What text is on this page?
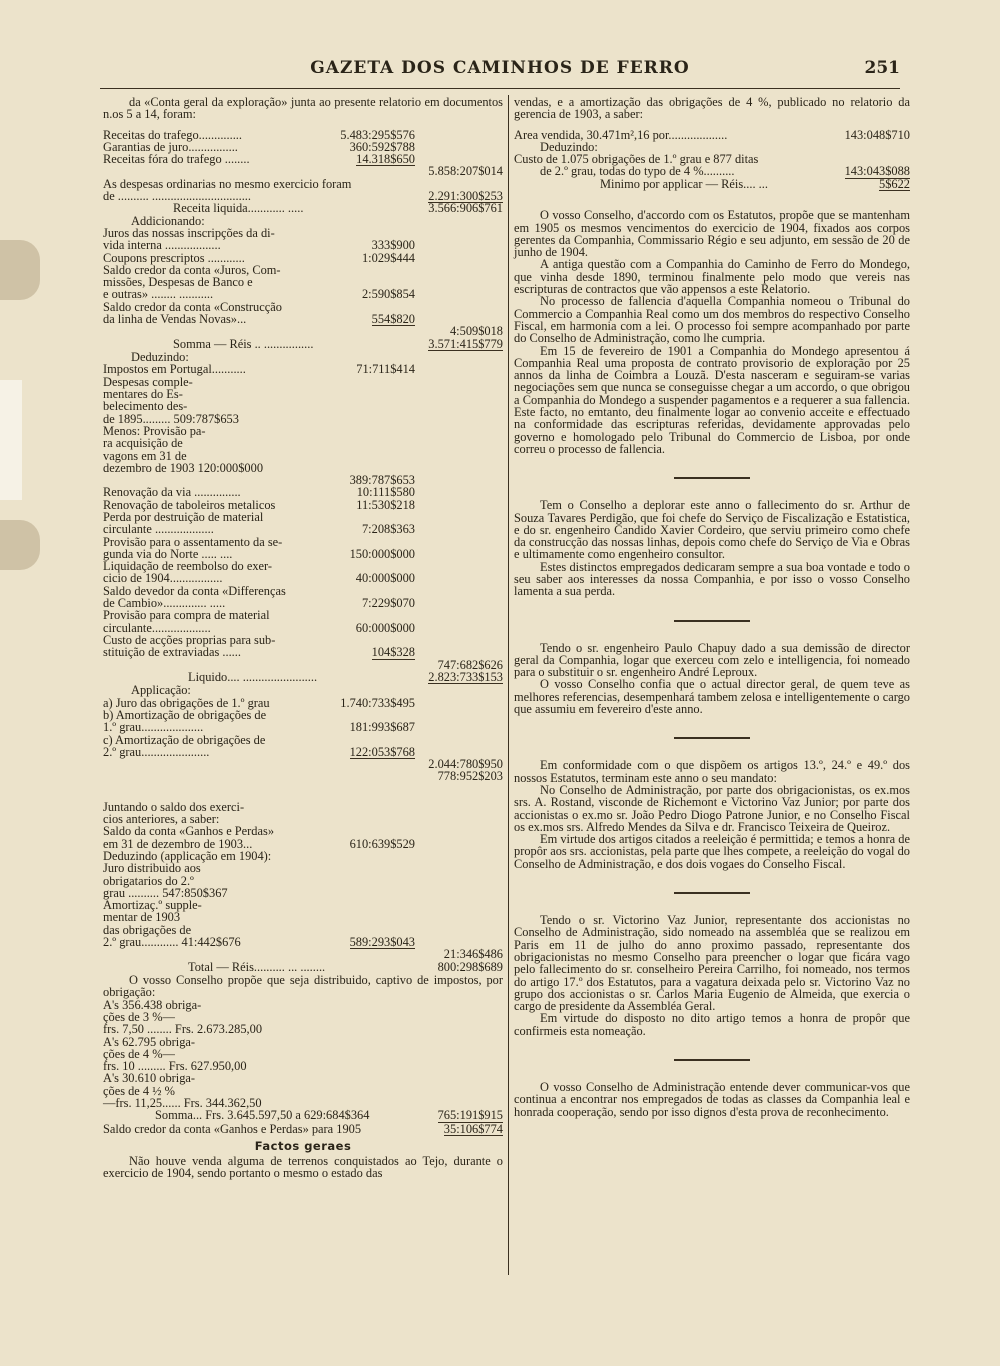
GAZETA DOS CAMINHOS DE FERRO	251

da «Conta geral da exploração» junta ao presente relatorio em documentos n.os 5 a 14, foram:

Receitas do trafego..............	5.483:295$576
Garantias de juro................	360:592$788
Receitas fóra do trafego ........	14.318$650
5.858:207$014
As despesas ordinarias no mesmo exercicio foram
de .......... ................................	2.291:300$253
Receita liquida............ .....	3.566:906$761
Addicionando:
Juros das nossas inscripções da di-
vida interna ..................	333$900
Coupons prescriptos ............	1:029$444
Saldo credor da conta «Juros, Com-
missões, Despesas de Banco e
e outras» ........ ...........	2:590$854
Saldo credor da conta «Construcção
da linha de Vendas Novas»...	554$820
4:509$018
Somma — Réis .. ................	3.571:415$779
Deduzindo:
Impostos em Portugal...........	71:711$414
Despesas comple-
mentares do Es-
belecimento des-
de 1895......... 509:787$653
Menos: Provisão pa-
ra acquisição de
vagons em 31 de
dezembro de 1903 120:000$000
389:787$653
Renovação da via ...............	10:111$580
Renovação de taboleiros metalicos	11:530$218
Perda por destruição de material
circulante ...................	7:208$363
Provisão para o assentamento da se-
gunda via do Norte ..... ....	150:000$000
Liquidação de reembolso do exer-
cicio de 1904.................	40:000$000
Saldo devedor da conta «Differenças
de Cambio».............. .....	7:229$070
Provisão para compra de material
circulante...................	60:000$000
Custo de acções proprias para sub-
stituição de extraviadas ......	104$328
747:682$626
Liquido.... ........................	2.823:733$153
Applicação:
a) Juro das obrigações de 1.º grau	1.740:733$495
b) Amortização de obrigações de
1.º grau....................	181:993$687
c) Amortização de obrigações de
2.º grau......................	122:053$768
2.044:780$950
778:952$203
Juntando o saldo dos exerci-
cios anteriores, a saber:
Saldo da conta «Ganhos e Perdas»
em 31 de dezembro de 1903...	610:639$529
Deduzindo (applicação em 1904):
Juro distribuido aos
obrigatarios do 2.º
grau .......... 547:850$367
Amortizaç.º supple-
mentar de 1903
das obrigações de
2.º grau............ 41:442$676	589:293$043
21:346$486
Total — Réis.......... ... ........	800:298$689

O vosso Conselho propõe que seja distribuido, captivo de impostos, por obrigação:

A's 356.438 obriga-
ções de 3 %—
frs. 7,50 ........ Frs. 2.673.285,00
A's 62.795 obriga-
ções de 4 %—
frs. 10 ......... Frs. 627.950,00
A's 30.610 obriga-
ções de 4 ½ %
—frs. 11,25...... Frs. 344.362,50
Somma... Frs. 3.645.597,50 a 629:684$364	765:191$915
Saldo credor da conta «Ganhos e Perdas» para 1905	35:106$774
Factos geraes

Não houve venda alguma de terrenos conquistados ao Tejo, durante o exercicio de 1904, sendo portanto o mesmo o estado das

vendas, e a amortização das obrigações de 4 %, publicado no relatorio da gerencia de 1903, a saber:

Area vendida, 30.471m²,16 por...................	143:048$710
Deduzindo:
Custo de 1.075 obrigações de 1.º grau e 877 ditas
de 2.º grau, todas do typo de 4 %..........	143:043$088
Minimo por applicar — Réis.... ...	5$622

O vosso Conselho, d'accordo com os Estatutos, propõe que se mantenham em 1905 os mesmos vencimentos do exercicio de 1904, fixados aos corpos gerentes da Companhia, Commissario Régio e seu adjunto, em sessão de 20 de junho de 1904.

A antiga questão com a Companhia do Caminho de Ferro do Mondego, que vinha desde 1890, terminou finalmente pelo modo que vereis nas escripturas de contractos que vão appensos a este Relatorio.

No processo de fallencia d'aquella Companhia nomeou o Tribunal do Commercio a Companhia Real como um dos membros do respectivo Conselho Fiscal, em harmonia com a lei. O processo foi sempre acompanhado por parte do Conselho de Administração, como lhe cumpria.

Em 15 de fevereiro de 1901 a Companhia do Mondego apresentou á Companhia Real uma proposta de contrato provisorio de exploração por 25 annos da linha de Coimbra a Louzã. D'esta nasceram e seguiram-se varias negociações sem que nunca se conseguisse chegar a um accordo, o que obrigou a Companhia do Mondego a suspender pagamentos e a requerer a sua fallencia. Este facto, no emtanto, deu finalmente logar ao convenio acceite e effectuado na conformidade das escripturas referidas, devidamente approvadas pelo governo e homologado pelo Tribunal do Commercio de Lisboa, por onde correu o processo de fallencia.

Tem o Conselho a deplorar este anno o fallecimento do sr. Arthur de Souza Tavares Perdigão, que foi chefe do Serviço de Fiscalização e Estatistica, e do sr. engenheiro Candido Xavier Cordeiro, que serviu primeiro como chefe da construcção das nossas linhas, depois como chefe do Serviço de Via e Obras e ultimamente como engenheiro consultor.

Estes distinctos empregados dedicaram sempre a sua boa vontade e todo o seu saber aos interesses da nossa Companhia, e por isso o vosso Conselho lamenta a sua perda.

Tendo o sr. engenheiro Paulo Chapuy dado a sua demissão de director geral da Companhia, logar que exerceu com zelo e intelligencia, foi nomeado para o substituir o sr. engenheiro André Leproux.

O vosso Conselho confia que o actual director geral, de quem teve as melhores referencias, desempenhará tambem zelosa e intelligentemente o cargo que assumiu em fevereiro d'este anno.

Em conformidade com o que dispõem os artigos 13.º, 24.º e 49.º dos nossos Estatutos, terminam este anno o seu mandato:

No Conselho de Administração, por parte dos obrigacionistas, os ex.mos srs. A. Rostand, visconde de Richemont e Victorino Vaz Junior; por parte dos accionistas o ex.mo sr. João Pedro Diogo Patrone Junior, e no Conselho Fiscal os ex.mos srs. Alfredo Mendes da Silva e dr. Francisco Teixeira de Queiroz.

Em virtude dos artigos citados a reeleição é permittida; e temos a honra de propôr aos srs. accionistas, pela parte que lhes compete, a reeleição do vogal do Conselho de Administração, e dos dois vogaes do Conselho Fiscal.

Tendo o sr. Victorino Vaz Junior, representante dos accionistas no Conselho de Administração, sido nomeado na assembléa que se realizou em Paris em 11 de julho do anno proximo passado, representante dos obrigacionistas no mesmo Conselho para preencher o logar que ficára vago pelo fallecimento do sr. conselheiro Pereira Carrilho, foi nomeado, nos termos do artigo 17.º dos Estatutos, para a vagatura deixada pelo sr. Victorino Vaz no grupo dos accionistas o sr. Carlos Maria Eugenio de Almeida, que exercia o cargo de presidente da Assembléa Geral.

Em virtude do disposto no dito artigo temos a honra de propôr que confirmeis esta nomeação.

O vosso Conselho de Administração entende dever communicar-vos que continua a encontrar nos empregados de todas as classes da Companhia leal e honrada cooperação, sendo por isso dignos d'esta prova de reconhecimento.
